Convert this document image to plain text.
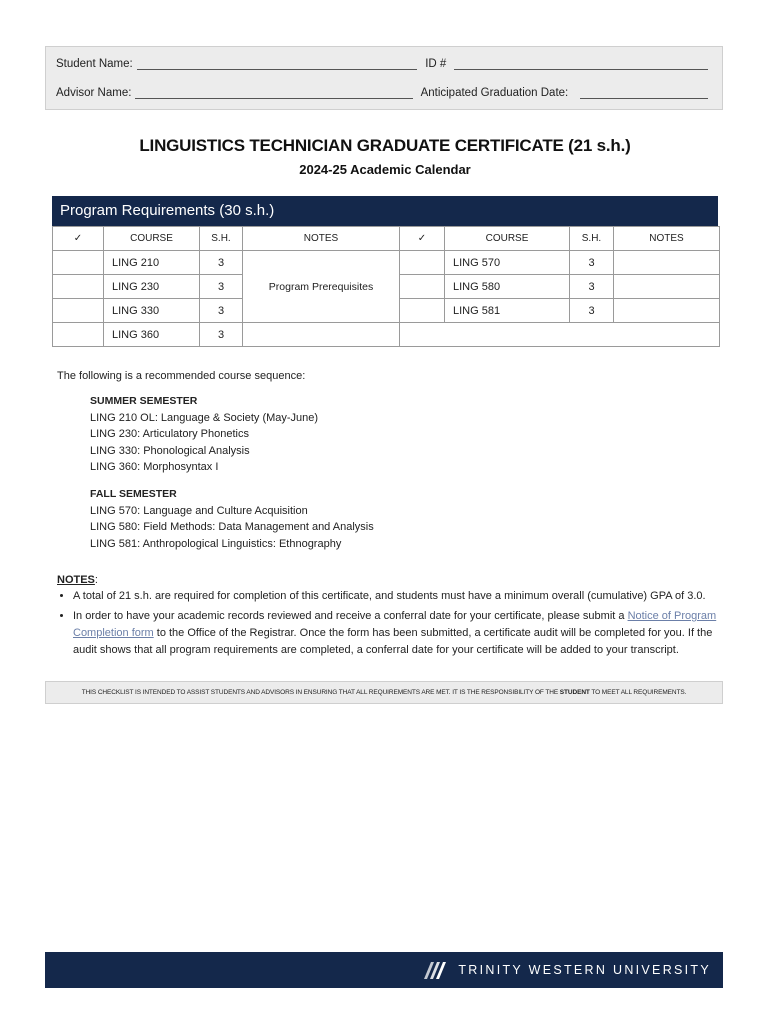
Student Name:	ID #
Advisor Name:	Anticipated Graduation Date:
LINGUISTICS TECHNICIAN GRADUATE CERTIFICATE (21 s.h.)
2024-25 Academic Calendar
Program Requirements (30 s.h.)
✓	COURSE	S.H.	NOTES	✓	COURSE	S.H.	NOTES
	LING 210	3	Program Prerequisites		LING 570	3	
	LING 230	3			LING 580	3	
	LING 330	3			LING 581	3	
	LING 360	3					
The following is a recommended course sequence:
SUMMER SEMESTER
LING 210 OL: Language & Society (May-June)
LING 230: Articulatory Phonetics
LING 330: Phonological Analysis
LING 360: Morphosyntax I
FALL SEMESTER
LING 570: Language and Culture Acquisition
LING 580: Field Methods: Data Management and Analysis
LING 581: Anthropological Linguistics: Ethnography
NOTES:
• A total of 21 s.h. are required for completion of this certificate, and students must have a minimum overall (cumulative) GPA of 3.0.
• In order to have your academic records reviewed and receive a conferral date for your certificate, please submit a Notice of Program Completion form to the Office of the Registrar. Once the form has been submitted, a certificate audit will be completed for you. If the audit shows that all program requirements are completed, a conferral date for your certificate will be added to your transcript.
THIS CHECKLIST IS INTENDED TO ASSIST STUDENTS AND ADVISORS IN ENSURING THAT ALL REQUIREMENTS ARE MET. IT IS THE RESPONSIBILITY OF THE STUDENT TO MEET ALL REQUIREMENTS.
TRINITY WESTERN UNIVERSITY
